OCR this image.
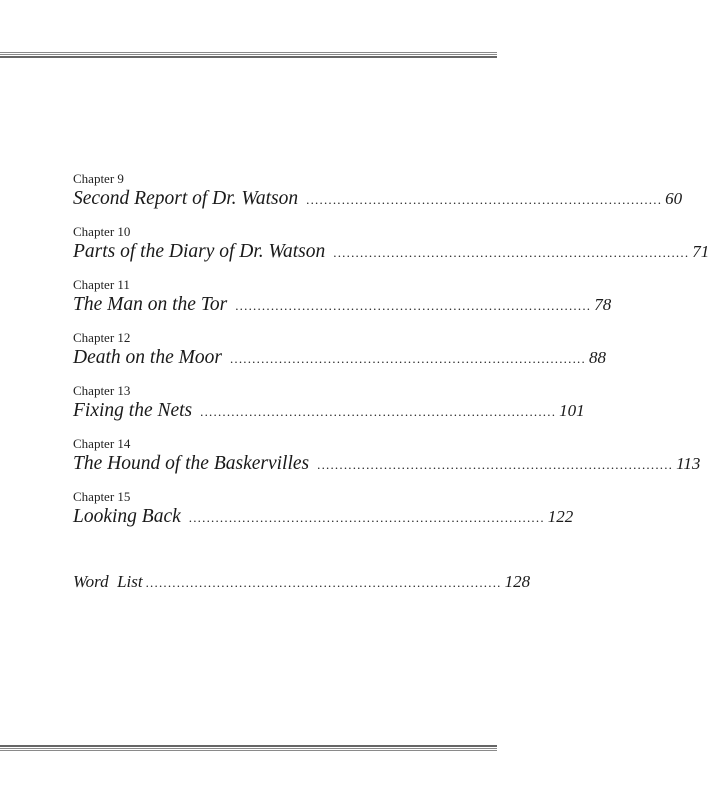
Chapter 9
Second Report of Dr. Watson ................................................................................ 60
Chapter 10
Parts of the Diary of Dr. Watson ................................................................................ 71
Chapter 11
The Man on the Tor ................................................................................ 78
Chapter 12
Death on the Moor ................................................................................ 88
Chapter 13
Fixing the Nets ................................................................................ 101
Chapter 14
The Hound of the Baskervilles ................................................................................ 113
Chapter 15
Looking Back ................................................................................ 122
Word  List ................................................................................ 128
